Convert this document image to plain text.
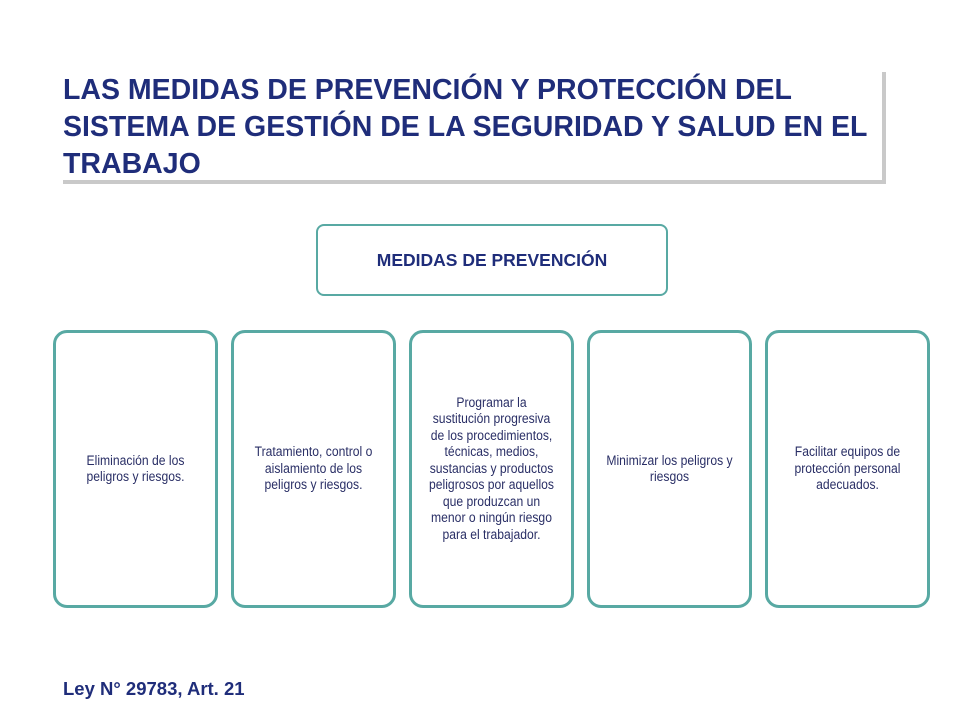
LAS MEDIDAS DE PREVENCIÓN Y PROTECCIÓN DEL SISTEMA DE GESTIÓN DE LA SEGURIDAD Y SALUD EN EL TRABAJO
MEDIDAS DE PREVENCIÓN
Eliminación de los peligros y riesgos.
Tratamiento, control o aislamiento de los peligros y riesgos.
Programar la sustitución progresiva de los procedimientos, técnicas, medios, sustancias y productos peligrosos por aquellos que produzcan un menor o ningún riesgo para el trabajador.
Minimizar los peligros y riesgos
Facilitar equipos de protección personal adecuados.
Ley N° 29783, Art. 21
